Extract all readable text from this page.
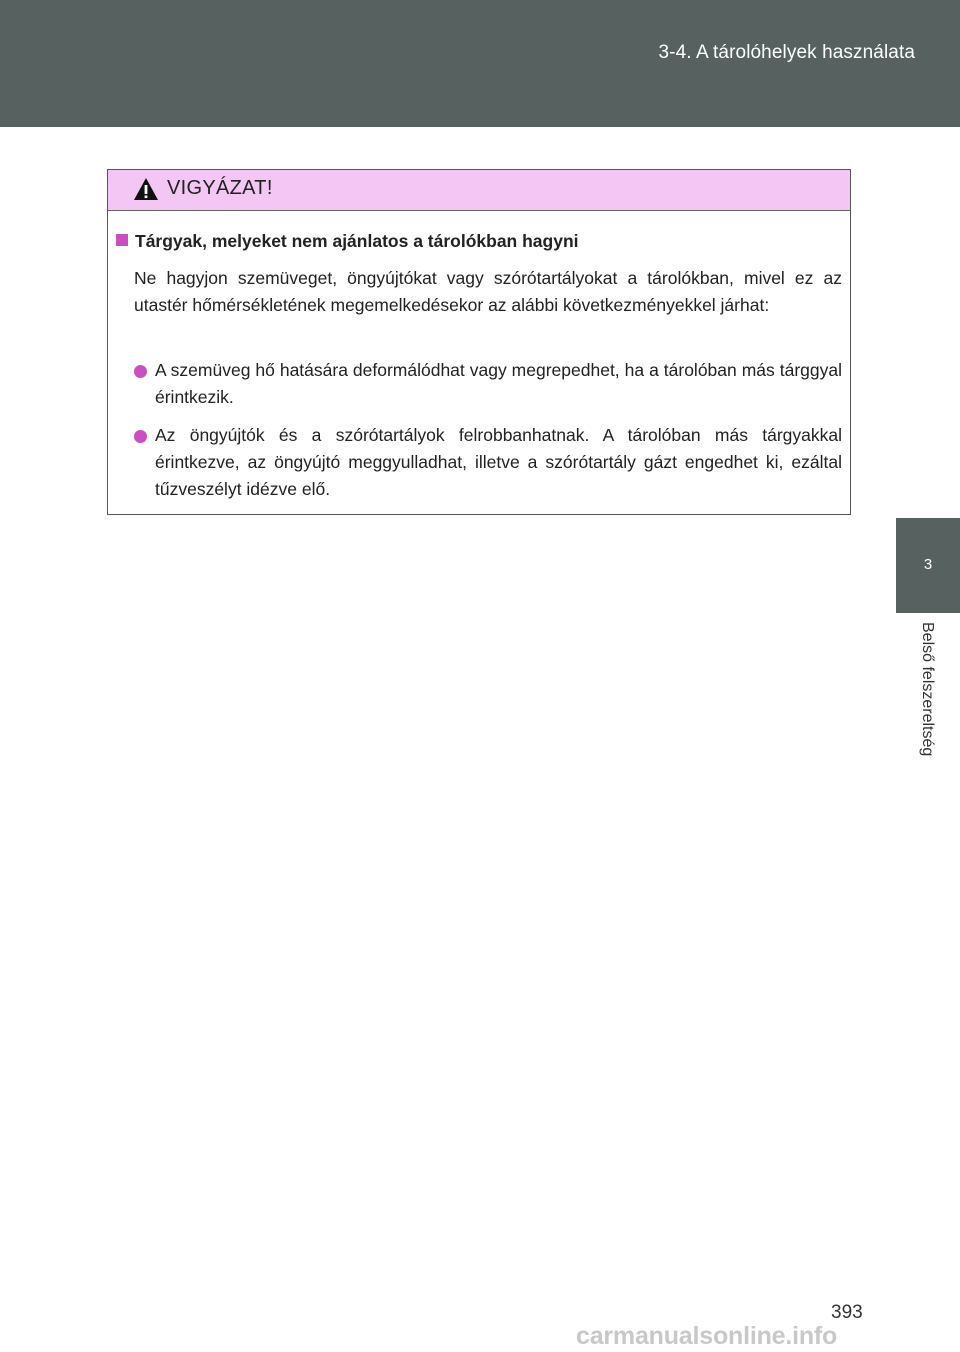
3-4. A tárolóhelyek használata
3
Belső felszereltség
VIGYÁZAT!
Tárgyak, melyeket nem ajánlatos a tárolókban hagyni
Ne hagyjon szemüveget, öngyújtókat vagy szórótartályokat a tárolókban, mivel ez az utastér hőmérsékletének megemelkedésekor az alábbi következményekkel járhat:
A szemüveg hő hatására deformálódhat vagy megrepedhet, ha a tárolóban más tárggyal érintkezik.
Az öngyújtók és a szórótartályok felrobbanhatnak. A tárolóban más tárgyakkal érintkezve, az öngyújtó meggyulladhat, illetve a szórótartály gázt engedhet ki, ezáltal tűzveszélyt idézve elő.
393
carmanualsonline.info
